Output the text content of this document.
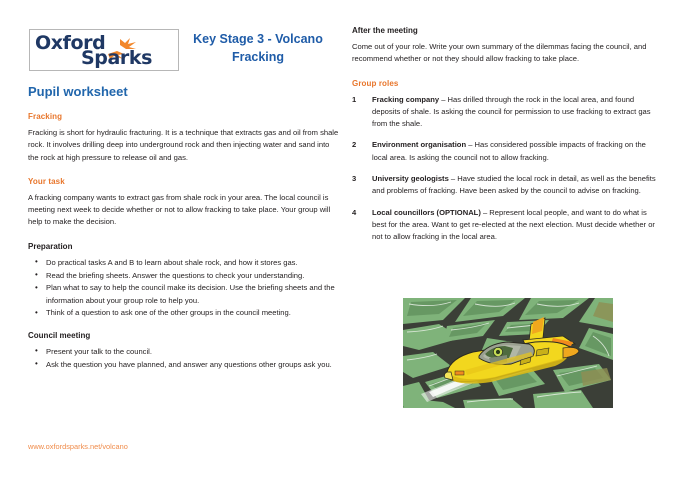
Oxford
Sparks
Key Stage 3 - Volcano
Fracking
Pupil worksheet
Fracking

Fracking is short for hydraulic fracturing. It is a technique that extracts gas and oil from shale rock. It involves drilling deep into underground rock and then injecting water and sand into the rock at high pressure to release oil and gas.

Your task

A fracking company wants to extract gas from shale rock in your area. The local council is meeting next week to decide whether or not to allow fracking to take place. Your group will help to make the decision.

Preparation
• Do practical tasks A and B to learn about shale rock, and how it stores gas.
• Read the briefing sheets. Answer the questions to check your understanding.
• Plan what to say to help the council make its decision. Use the briefing sheets and the information about your group role to help you.
• Think of a question to ask one of the other groups in the council meeting.
Council meeting
• Present your talk to the council.
• Ask the question you have planned, and answer any questions other groups ask you.
After the meeting

Come out of your role. Write your own summary of the dilemmas facing the council, and recommend whether or not they should allow fracking to take place.

Group roles
1 Fracking company – Has drilled through the rock in the local area, and found deposits of shale. Is asking the council for permission to use fracking to extract gas from the shale.
2 Environment organisation – Has considered possible impacts of fracking on the local area. Is asking the council not to allow fracking.
3 University geologists – Have studied the local rock in detail, as well as the benefits and problems of fracking. Have been asked by the council to advise on fracking.
4 Local councillors (OPTIONAL) – Represent local people, and want to do what is best for the area. Want to get re-elected at the next election. Must decide whether or not to allow fracking in the local area.
www.oxfordsparks.net/volcano
